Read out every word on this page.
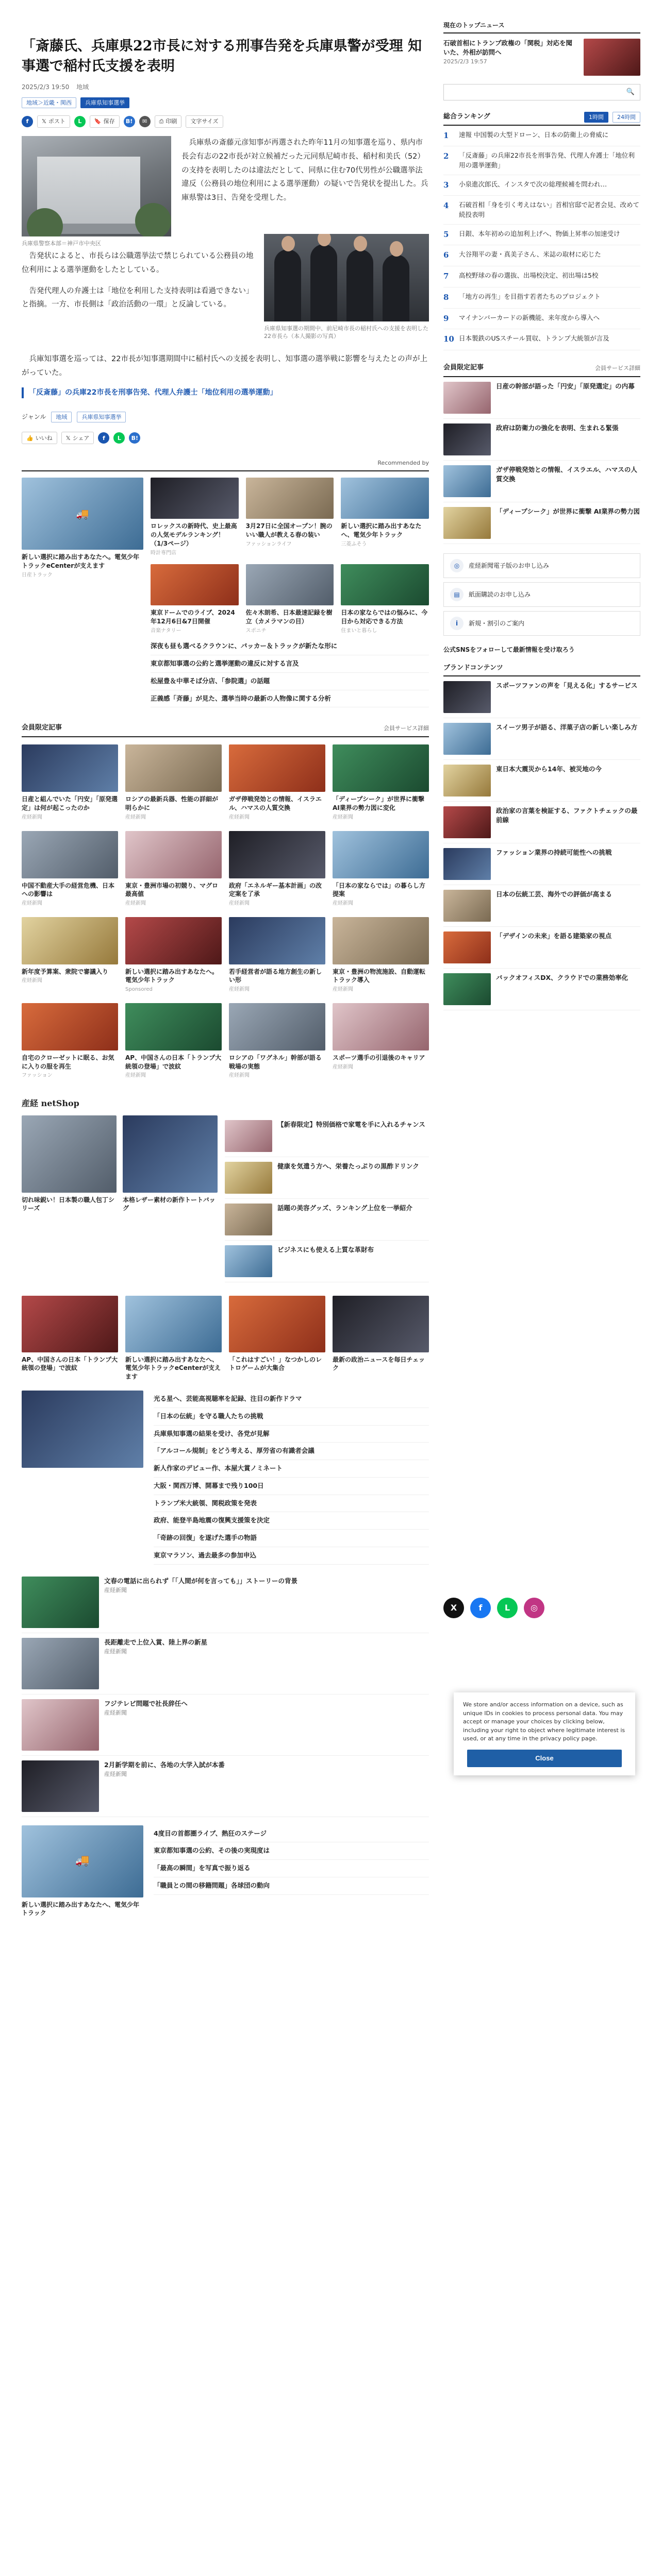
「斎藤氏、兵庫県22市長に対する刑事告発を兵庫県警が受理 知事選で稲村氏支援を表明
2025/2/3 19:50 地域
地域＞近畿・関西	兵庫県知事選挙
f	𝕏 ポスト	L	🔖 保存	B!	✉	⎙ 印刷 文字サイズ
兵庫県警察本部＝神戸市中央区

兵庫県の斎藤元彦知事が再選された昨年11月の知事選を巡り、県内市長会有志の22市長が対立候補だった元同県尼崎市長、稲村和美氏（52）の支持を表明したのは違法だとして、同県に住む70代男性が公職選挙法違反（公務員の地位利用による選挙運動）の疑いで告発状を提出した。兵庫県警は3日、告発を受理した。

兵庫県知事選の期間中、前尼崎市長の稲村氏への支援を表明した22市長ら（本人撮影の写真）

告発状によると、市長らは公職選挙法で禁じられている公務員の地位利用による選挙運動をしたとしている。

告発代理人の弁護士は「地位を利用した支持表明は看過できない」と指摘。一方、市長側は「政治活動の一環」と反論している。

兵庫知事選を巡っては、22市長が知事選期間中に稲村氏への支援を表明し、知事選の選挙戦に影響を与えたとの声が上がっていた。

「反斎藤」の兵庫22市長を刑事告発、代理人弁護士「地位利用の選挙運動」
ジャンル	地域	兵庫県知事選挙
👍 いいね 𝕏 シェア	f	L	B!
Recommended by
🚚
新しい選択に踏み出すあなたへ。電気少年トラックeCenterが支えます
日産トラック
ロレックスの新時代、史上最高の人気モデルランキング！（1/3ページ）
時計専門店
3月27日に全国オープン！腕のいい職人が教える春の装い
ファッションライフ
新しい選択に踏み出すあなたへ、電気少年トラック
三菱ふそう
東京ドームでのライブ、2024年12月6日&7日開催
音楽ナタリー
佐々木朗希、日本最速記録を樹立（カメラマンの目）
スポニチ
日本の家ならではの悩みに、今日から対応できる方法
住まいと暮らし
深夜も昼も選べるクラウンに、パッカー＆トラックが新たな形に
東京都知事選の公約と選挙運動の違反に対する言及
松屋豊＆中華そば分店、「参院選」の話題
正義感「斉藤」が見た、選挙当時の最新の人物像に関する分析
会員限定記事	会員サービス詳細
日産と組んでいた「円安」「原発選定」は何が起こったのか
産経新聞
ロシアの最新兵器、性能の詳細が明らかに
産経新聞
ガザ停戦発効との情報、イスラエル、ハマスの人質交換
産経新聞
「ディープシーク」が世界に衝撃 AI業界の勢力図に変化
産経新聞
中国不動産大手の経営危機、日本への影響は
産経新聞
東京・豊洲市場の初競り、マグロ最高値
産経新聞
政府「エネルギー基本計画」の改定案を了承
産経新聞
「日本の家ならでは」の暮らし方提案
産経新聞
新年度予算案、衆院で審議入り
産経新聞
新しい選択に踏み出すあなたへ。電気少年トラック
Sponsored
若手経営者が語る地方創生の新しい形
産経新聞
東京・豊洲の物流施設、自動運転トラック導入
産経新聞
自宅のクローゼットに眠る、お気に入りの服を再生
ファッション
AP、中国さんの日本「トランプ大統領の登場」で波紋
産経新聞
ロシアの「ワグネル」幹部が語る戦場の実態
産経新聞
スポーツ選手の引退後のキャリア
産経新聞
産経 netShop
切れ味鋭い！日本製の職人包丁シリーズ
本格レザー素材の新作トートバッグ
【新春限定】特別価格で家電を手に入れるチャンス
健康を気遣う方へ、栄養たっぷりの黒酢ドリンク
話題の美容グッズ、ランキング上位を一挙紹介
ビジネスにも使える上質な革財布
AP、中国さんの日本「トランプ大統領の登場」で波紋
新しい選択に踏み出すあなたへ、電気少年トラックeCenterが支えます
「これはすごい！」なつかしのレトロゲームが大集合
最新の政治ニュースを毎日チェック
光る星へ、芸能高視聴率を記録、注目の新作ドラマ
「日本の伝統」を守る職人たちの挑戦
兵庫県知事選の結果を受け、各党が見解
「アルコール規制」をどう考える、厚労省の有識者会議
新人作家のデビュー作、本屋大賞ノミネート
大阪・関西万博、開幕まで残り100日
トランプ米大統領、関税政策を発表
政府、能登半島地震の復興支援策を決定
「奇跡の回復」を遂げた選手の物語
東京マラソン、過去最多の参加申込
文春の電話に出られず「「人間が何を言っても」」ストーリーの背景
産経新聞
長距離走で上位入賞、陸上界の新星
産経新聞
フジテレビ問題で社長辞任へ
産経新聞
2月新学期を前に、各地の大学入試が本番
産経新聞
🚚
新しい選択に踏み出すあなたへ、電気少年トラック
4度目の首都圏ライブ、熱狂のステージ
東京都知事選の公約、その後の実現度は
「最高の瞬間」を写真で振り返る
「職員との間の移籍問題」各球団の動向
現在のトップニュース
石破首相にトランプ政権の「関税」対応を聞いた、外相が訪問へ
2025/2/3 19:57
🔍
総合ランキング	1時間	24時間
1	速報 中国製の大型ドローン、日本の防衛上の脅威に
2	「反斎藤」の兵庫22市長を刑事告発、代理人弁護士「地位利用の選挙運動」
3	小泉進次郎氏、インスタで次の総理候補を問われ…
4	石破首相「身を引く考えはない」首相官邸で記者会見、改めて続投表明
5	日銀、本年初めの追加利上げへ、物価上昇率の加速受け
6	大谷翔平の妻・真美子さん、米誌の取材に応じた
7	高校野球の春の選抜、出場校決定、初出場は5校
8	「地方の再生」を目指す若者たちのプロジェクト
9	マイナンバーカードの新機能、来年度から導入へ
10 日本製鉄のUSスチール買収、トランプ大統領が言及
会員限定記事	会員サービス詳細
日産の幹部が語った「円安」「原発選定」の内幕
政府は防衛力の強化を表明、生まれる緊張
ガザ停戦発効との情報、イスラエル、ハマスの人質交換
「ディープシーク」が世界に衝撃 AI業界の勢力図
◎	産経新聞電子版のお申し込み
▤	紙面購読のお申し込み
i	新規・割引のご案内
公式SNSをフォローして最新情報を受け取ろう
ブランドコンテンツ
スポーツファンの声を「見える化」するサービス
スイーツ男子が語る、洋菓子店の新しい楽しみ方
東日本大震災から14年、被災地の今
政治家の言葉を検証する、ファクトチェックの最前線
ファッション業界の持続可能性への挑戦
日本の伝統工芸、海外での評価が高まる
「デザインの未来」を語る建築家の視点
バックオフィスDX、クラウドでの業務効率化
X	f	L	◎
We store and/or access information on a device, such as unique IDs in cookies to process personal data. You may accept or manage your choices by clicking below, including your right to object where legitimate interest is used, or at any time in the privacy policy page.
Close
